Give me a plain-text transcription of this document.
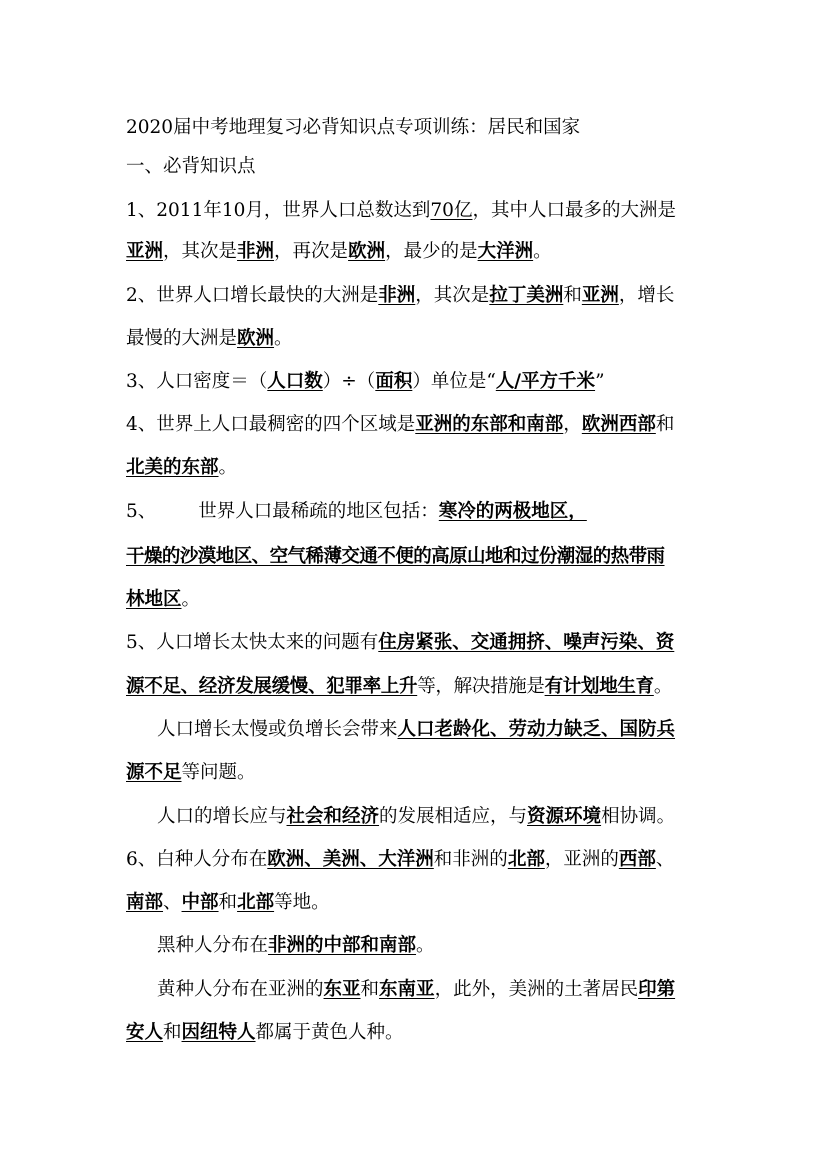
2020届中考地理复习必背知识点专项训练：居民和国家
一、必背知识点
1、2011年10月，世界人口总数达到70亿，其中人口最多的大洲是
亚洲，其次是非洲，再次是欧洲，最少的是大洋洲。
2、世界人口增长最快的大洲是非洲，其次是拉丁美洲和亚洲，增长
最慢的大洲是欧洲。
3、人口密度＝（人口数）÷（面积）单位是“人/平方千米”
4、世界上人口最稠密的四个区域是亚洲的东部和南部，欧洲西部和
北美的东部。
5、 世界人口最稀疏的地区包括：寒冷的两极地区，
干燥的沙漠地区、空气稀薄交通不便的高原山地和过份潮湿的热带雨
林地区。
5、人口增长太快太来的问题有住房紧张、交通拥挤、噪声污染、资
源不足、经济发展缓慢、犯罪率上升等，解决措施是有计划地生育。
人口增长太慢或负增长会带来人口老龄化、劳动力缺乏、国防兵
源不足等问题。
人口的增长应与社会和经济的发展相适应，与资源环境相协调。
6、白种人分布在欧洲、美洲、大洋洲和非洲的北部，亚洲的西部、
南部、中部和北部等地。
黑种人分布在非洲的中部和南部。
黄种人分布在亚洲的东亚和东南亚，此外，美洲的土著居民印第
安人和因纽特人都属于黄色人种。
